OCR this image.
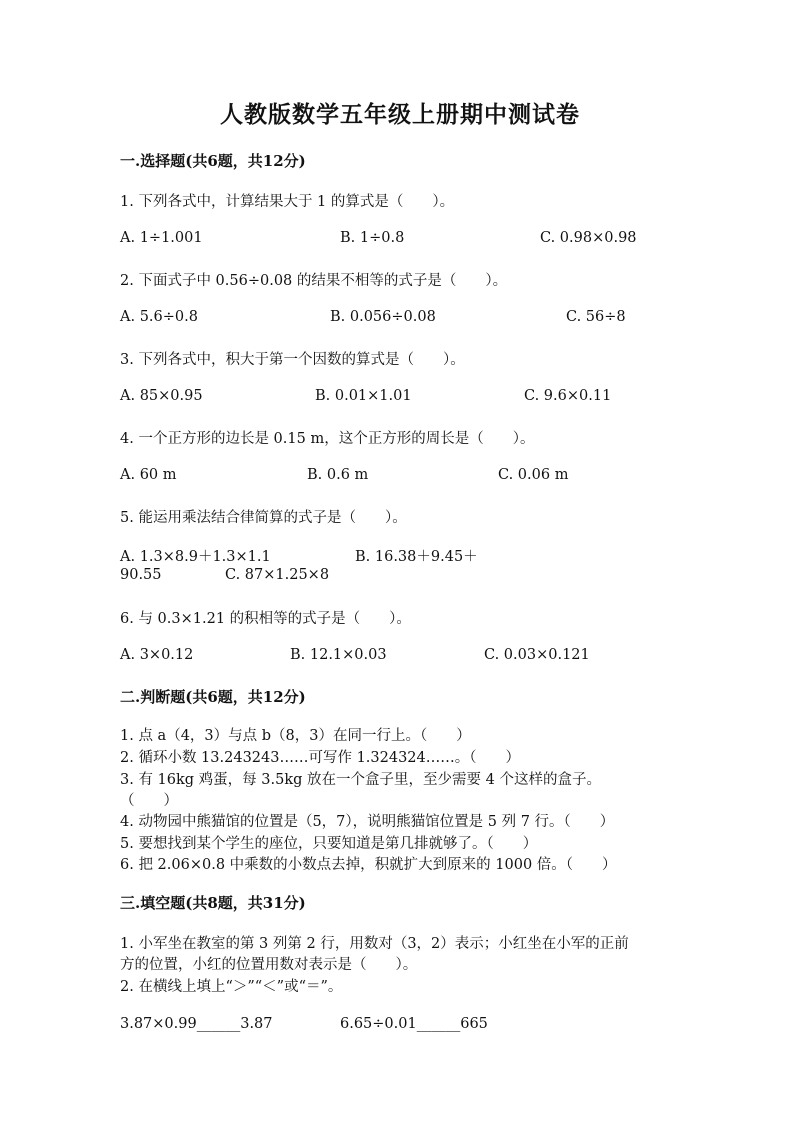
人教版数学五年级上册期中测试卷
一.选择题(共6题，共12分)
1. 下列各式中，计算结果大于 1 的算式是（　　）。
A. 1÷1.001	B. 1÷0.8	C. 0.98×0.98
2. 下面式子中 0.56÷0.08 的结果不相等的式子是（　　）。
A. 5.6÷0.8	B. 0.056÷0.08	C. 56÷8
3. 下列各式中，积大于第一个因数的算式是（　　）。
A. 85×0.95	B. 0.01×1.01	C. 9.6×0.11
4. 一个正方形的边长是 0.15 m，这个正方形的周长是（　　）。
A. 60 m	B. 0.6 m	C. 0.06 m
5. 能运用乘法结合律简算的式子是（　　）。
A. 1.3×8.9＋1.3×1.1	B. 16.38＋9.45＋
90.55	C. 87×1.25×8
6. 与 0.3×1.21 的积相等的式子是（　　）。
A. 3×0.12	B. 12.1×0.03	C. 0.03×0.121
二.判断题(共6题，共12分)
1. 点 a（4，3）与点 b（8，3）在同一行上。（　　）
2. 循环小数 13.243243……可写作 1.324324……。（　　）
3. 有 16kg 鸡蛋，每 3.5kg 放在一个盒子里，至少需要 4 个这样的盒子。
（　　）
4. 动物园中熊猫馆的位置是（5，7），说明熊猫馆位置是 5 列 7 行。（　　）
5. 要想找到某个学生的座位，只要知道是第几排就够了。（　　）
6. 把 2.06×0.8 中乘数的小数点去掉，积就扩大到原来的 1000 倍。（　　）
三.填空题(共8题，共31分)
1. 小军坐在教室的第 3 列第 2 行，用数对（3，2）表示；小红坐在小军的正前
方的位置，小红的位置用数对表示是（　　）。
2. 在横线上填上“＞”“＜”或“＝”。
3.87×0.99______3.87	6.65÷0.01______665
